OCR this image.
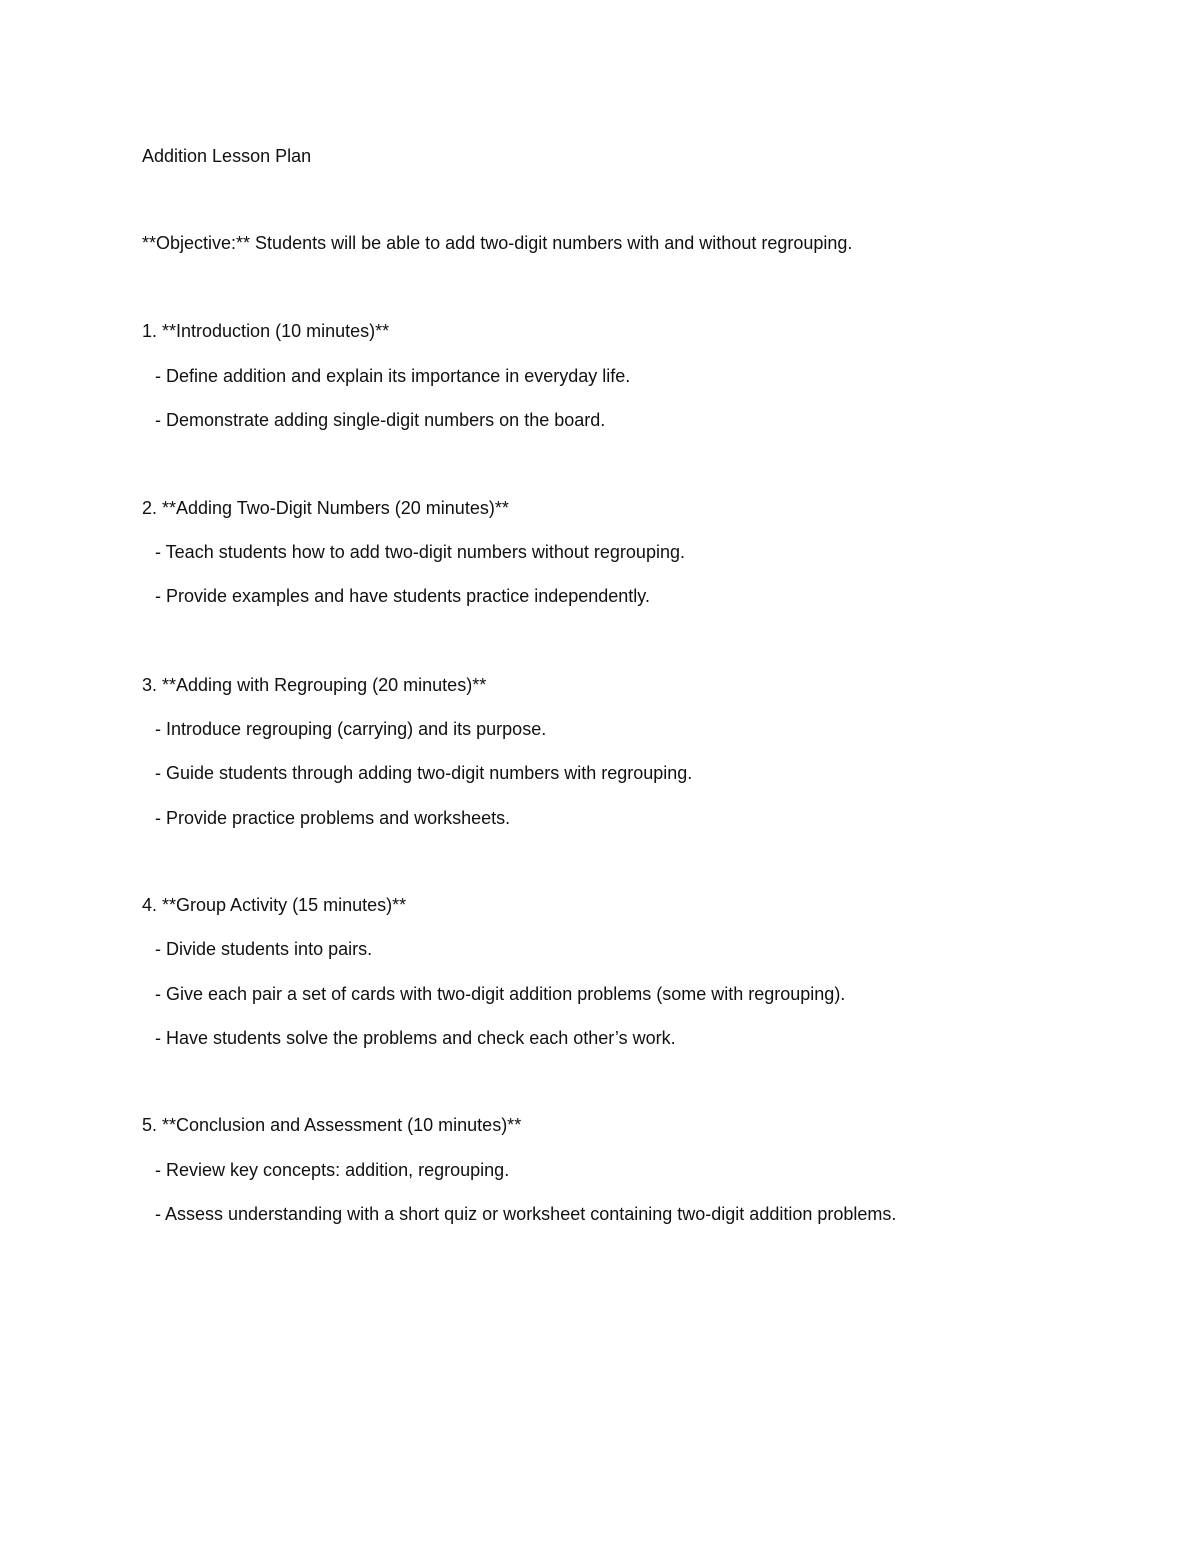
Addition Lesson Plan
**Objective:** Students will be able to add two-digit numbers with and without regrouping.
1. **Introduction (10 minutes)**
- Define addition and explain its importance in everyday life.
- Demonstrate adding single-digit numbers on the board.
2. **Adding Two-Digit Numbers (20 minutes)**
- Teach students how to add two-digit numbers without regrouping.
- Provide examples and have students practice independently.
3. **Adding with Regrouping (20 minutes)**
- Introduce regrouping (carrying) and its purpose.
- Guide students through adding two-digit numbers with regrouping.
- Provide practice problems and worksheets.
4. **Group Activity (15 minutes)**
- Divide students into pairs.
- Give each pair a set of cards with two-digit addition problems (some with regrouping).
- Have students solve the problems and check each other’s work.
5. **Conclusion and Assessment (10 minutes)**
- Review key concepts: addition, regrouping.
- Assess understanding with a short quiz or worksheet containing two-digit addition problems.
